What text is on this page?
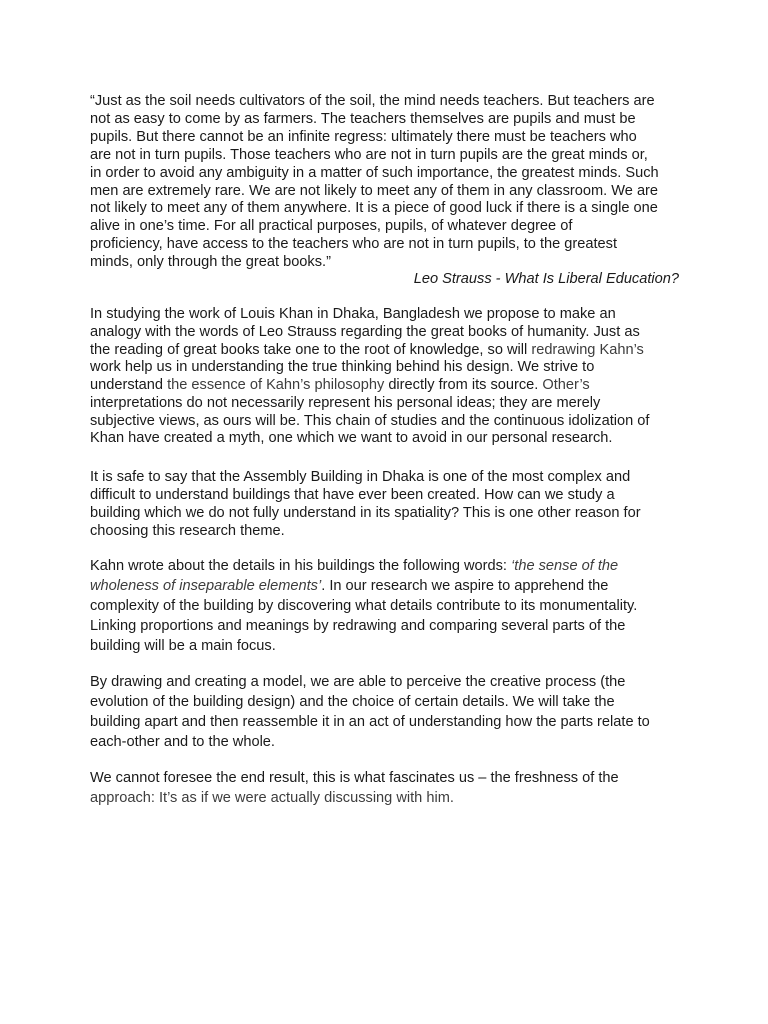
“Just as the soil needs cultivators of the soil, the mind needs teachers. But teachers are
not as easy to come by as farmers. The teachers themselves are pupils and must be
pupils. But there cannot be an infinite regress: ultimately there must be teachers who
are not in turn pupils. Those teachers who are not in turn pupils are the great minds or,
in order to avoid any ambiguity in a matter of such importance, the greatest minds. Such
men are extremely rare. We are not likely to meet any of them in any classroom. We are
not likely to meet any of them anywhere. It is a piece of good luck if there is a single one
alive in one’s time. For all practical purposes, pupils, of whatever degree of
proficiency, have access to the teachers who are not in turn pupils, to the greatest
minds, only through the great books.”

Leo Strauss - What Is Liberal Education?

In studying the work of Louis Khan in Dhaka, Bangladesh we propose to make an
analogy with the words of Leo Strauss regarding the great books of humanity. Just as
the reading of great books take one to the root of knowledge, so will redrawing Kahn’s
work help us in understanding the true thinking behind his design. We strive to
understand the essence of Kahn’s philosophy directly from its source. Other’s
interpretations do not necessarily represent his personal ideas; they are merely
subjective views, as ours will be. This chain of studies and the continuous idolization of
Khan have created a myth, one which we want to avoid in our personal research.
It is safe to say that the Assembly Building in Dhaka is one of the most complex and
difficult to understand buildings that have ever been created. How can we study a
building which we do not fully understand in its spatiality? This is one other reason for
choosing this research theme.
Kahn wrote about the details in his buildings the following words: ‘the sense of the
wholeness of inseparable elements’. In our research we aspire to apprehend the
complexity of the building by discovering what details contribute to its monumentality.
Linking proportions and meanings by redrawing and comparing several parts of the
building will be a main focus.
By drawing and creating a model, we are able to perceive the creative process (the
evolution of the building design) and the choice of certain details. We will take the
building apart and then reassemble it in an act of understanding how the parts relate to
each-other and to the whole.
We cannot foresee the end result, this is what fascinates us – the freshness of the
approach: It’s as if we were actually discussing with him.
